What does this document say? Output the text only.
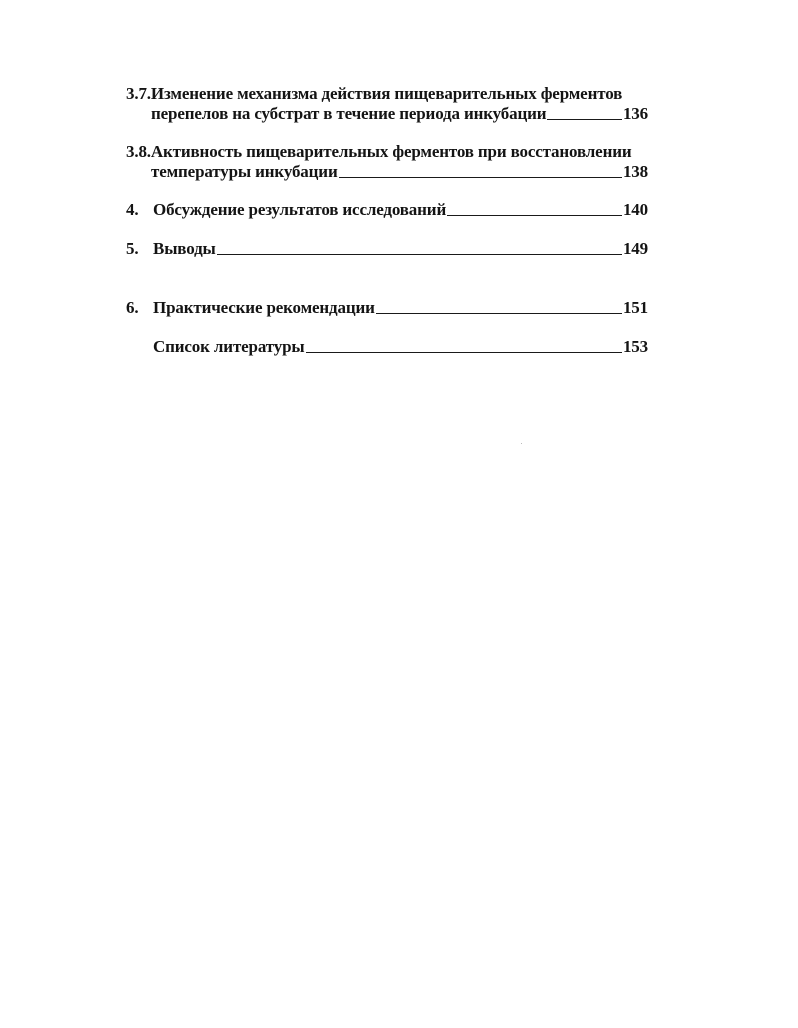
3.7. Изменение механизма действия пищеварительных ферментов
перепелов на субстрат в течение периода инкубации	136
3.8. Активность пищеварительных ферментов при восстановлении
температуры инкубации	138
4. Обсуждение результатов исследований	140
5. Выводы	149
6. Практические рекомендации	151
Список литературы	153
